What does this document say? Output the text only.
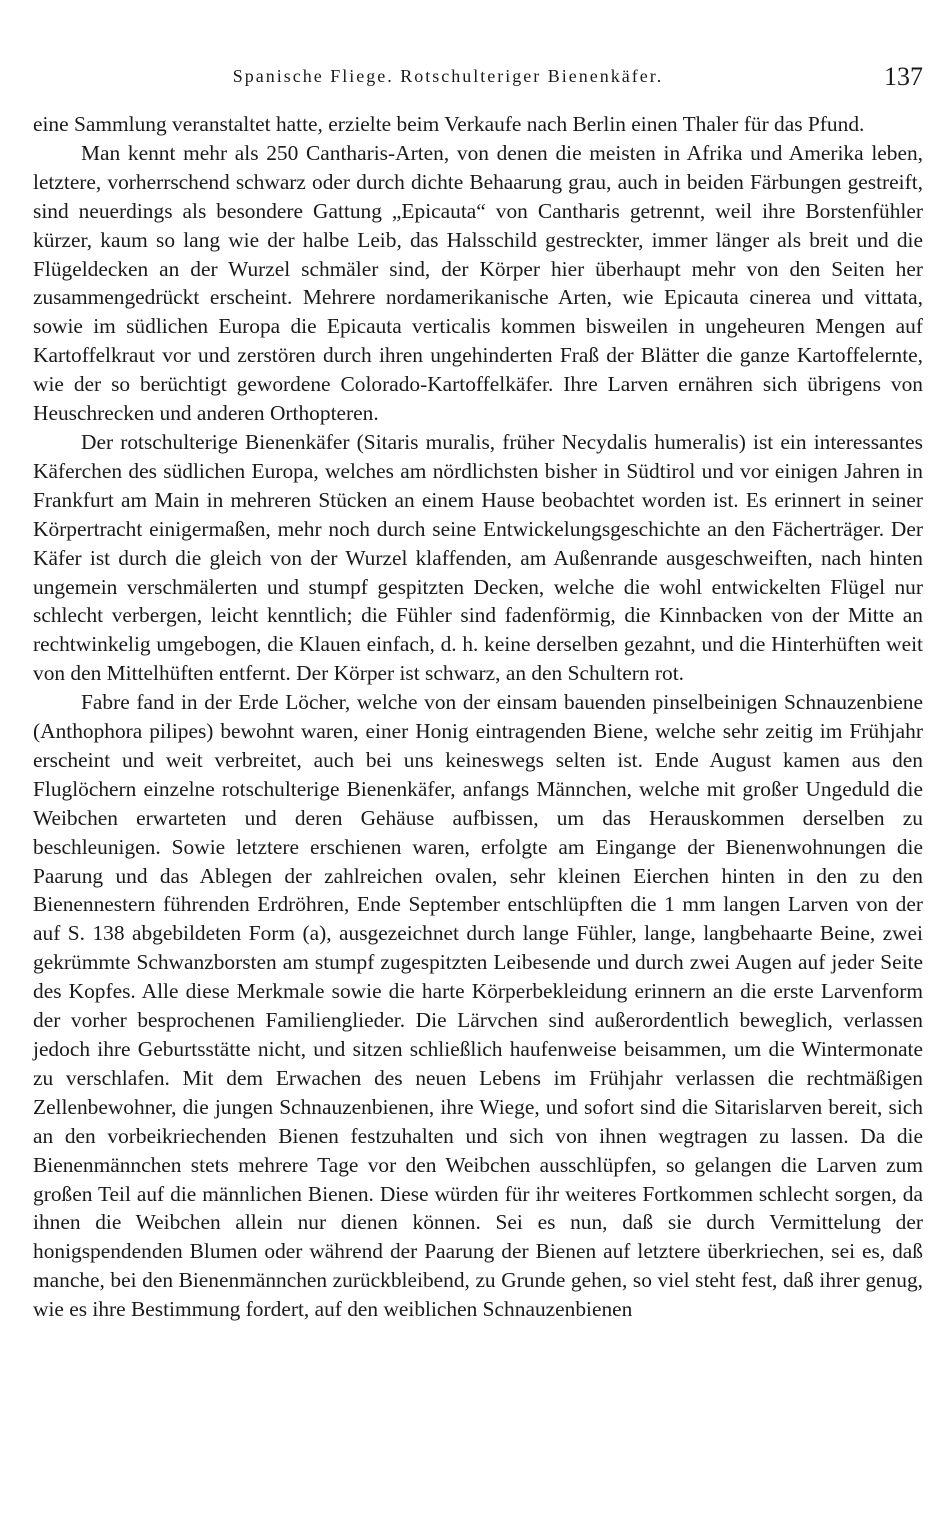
Spanische Fliege. Rotschulteriger Bienenkäfer.	137

eine Sammlung veranstaltet hatte, erzielte beim Verkaufe nach Berlin einen Thaler für das Pfund.

Man kennt mehr als 250 Cantharis-Arten, von denen die meisten in Afrika und Amerika leben, letztere, vorherrschend schwarz oder durch dichte Behaarung grau, auch in beiden Färbungen gestreift, sind neuerdings als besondere Gattung „Epicauta“ von Cantharis getrennt, weil ihre Borstenfühler kürzer, kaum so lang wie der halbe Leib, das Halsschild gestreckter, immer länger als breit und die Flügeldecken an der Wurzel schmäler sind, der Körper hier überhaupt mehr von den Seiten her zusammengedrückt erscheint. Mehrere nordamerikanische Arten, wie Epicauta cinerea und vittata, sowie im südlichen Europa die Epicauta verticalis kommen bisweilen in ungeheuren Mengen auf Kartoffelkraut vor und zerstören durch ihren ungehinderten Fraß der Blätter die ganze Kartoffelernte, wie der so berüchtigt gewordene Colorado-Kartoffelkäfer. Ihre Larven ernähren sich übrigens von Heuschrecken und anderen Orthopteren.

Der rotschulterige Bienenkäfer (Sitaris muralis, früher Necydalis humeralis) ist ein interessantes Käferchen des südlichen Europa, welches am nördlichsten bisher in Südtirol und vor einigen Jahren in Frankfurt am Main in mehreren Stücken an einem Hause beobachtet worden ist. Es erinnert in seiner Körpertracht einigermaßen, mehr noch durch seine Entwickelungsgeschichte an den Fächerträger. Der Käfer ist durch die gleich von der Wurzel klaffenden, am Außenrande ausgeschweiften, nach hinten ungemein verschmälerten und stumpf gespitzten Decken, welche die wohl entwickelten Flügel nur schlecht verbergen, leicht kenntlich; die Fühler sind fadenförmig, die Kinnbacken von der Mitte an rechtwinkelig umgebogen, die Klauen einfach, d. h. keine derselben gezahnt, und die Hinterhüften weit von den Mittelhüften entfernt. Der Körper ist schwarz, an den Schultern rot.

Fabre fand in der Erde Löcher, welche von der einsam bauenden pinselbeinigen Schnauzenbiene (Anthophora pilipes) bewohnt waren, einer Honig eintragenden Biene, welche sehr zeitig im Frühjahr erscheint und weit verbreitet, auch bei uns keineswegs selten ist. Ende August kamen aus den Fluglöchern einzelne rotschulterige Bienenkäfer, anfangs Männchen, welche mit großer Ungeduld die Weibchen erwarteten und deren Gehäuse aufbissen, um das Herauskommen derselben zu beschleunigen. Sowie letztere erschienen waren, erfolgte am Eingange der Bienenwohnungen die Paarung und das Ablegen der zahlreichen ovalen, sehr kleinen Eierchen hinten in den zu den Bienennestern führenden Erdröhren, Ende September entschlüpften die 1 mm langen Larven von der auf S. 138 abgebildeten Form (a), ausgezeichnet durch lange Fühler, lange, langbehaarte Beine, zwei gekrümmte Schwanzborsten am stumpf zugespitzten Leibesende und durch zwei Augen auf jeder Seite des Kopfes. Alle diese Merkmale sowie die harte Körperbekleidung erinnern an die erste Larvenform der vorher besprochenen Familienglieder. Die Lärvchen sind außerordentlich beweglich, verlassen jedoch ihre Geburtsstätte nicht, und sitzen schließlich haufenweise beisammen, um die Wintermonate zu verschlafen. Mit dem Erwachen des neuen Lebens im Frühjahr verlassen die rechtmäßigen Zellenbewohner, die jungen Schnauzenbienen, ihre Wiege, und sofort sind die Sitarislarven bereit, sich an den vorbeikriechenden Bienen festzuhalten und sich von ihnen wegtragen zu lassen. Da die Bienenmännchen stets mehrere Tage vor den Weibchen ausschlüpfen, so gelangen die Larven zum großen Teil auf die männlichen Bienen. Diese würden für ihr weiteres Fortkommen schlecht sorgen, da ihnen die Weibchen allein nur dienen können. Sei es nun, daß sie durch Vermittelung der honigspendenden Blumen oder während der Paarung der Bienen auf letztere überkriechen, sei es, daß manche, bei den Bienenmännchen zurückbleibend, zu Grunde gehen, so viel steht fest, daß ihrer genug, wie es ihre Bestimmung fordert, auf den weiblichen Schnauzenbienen
